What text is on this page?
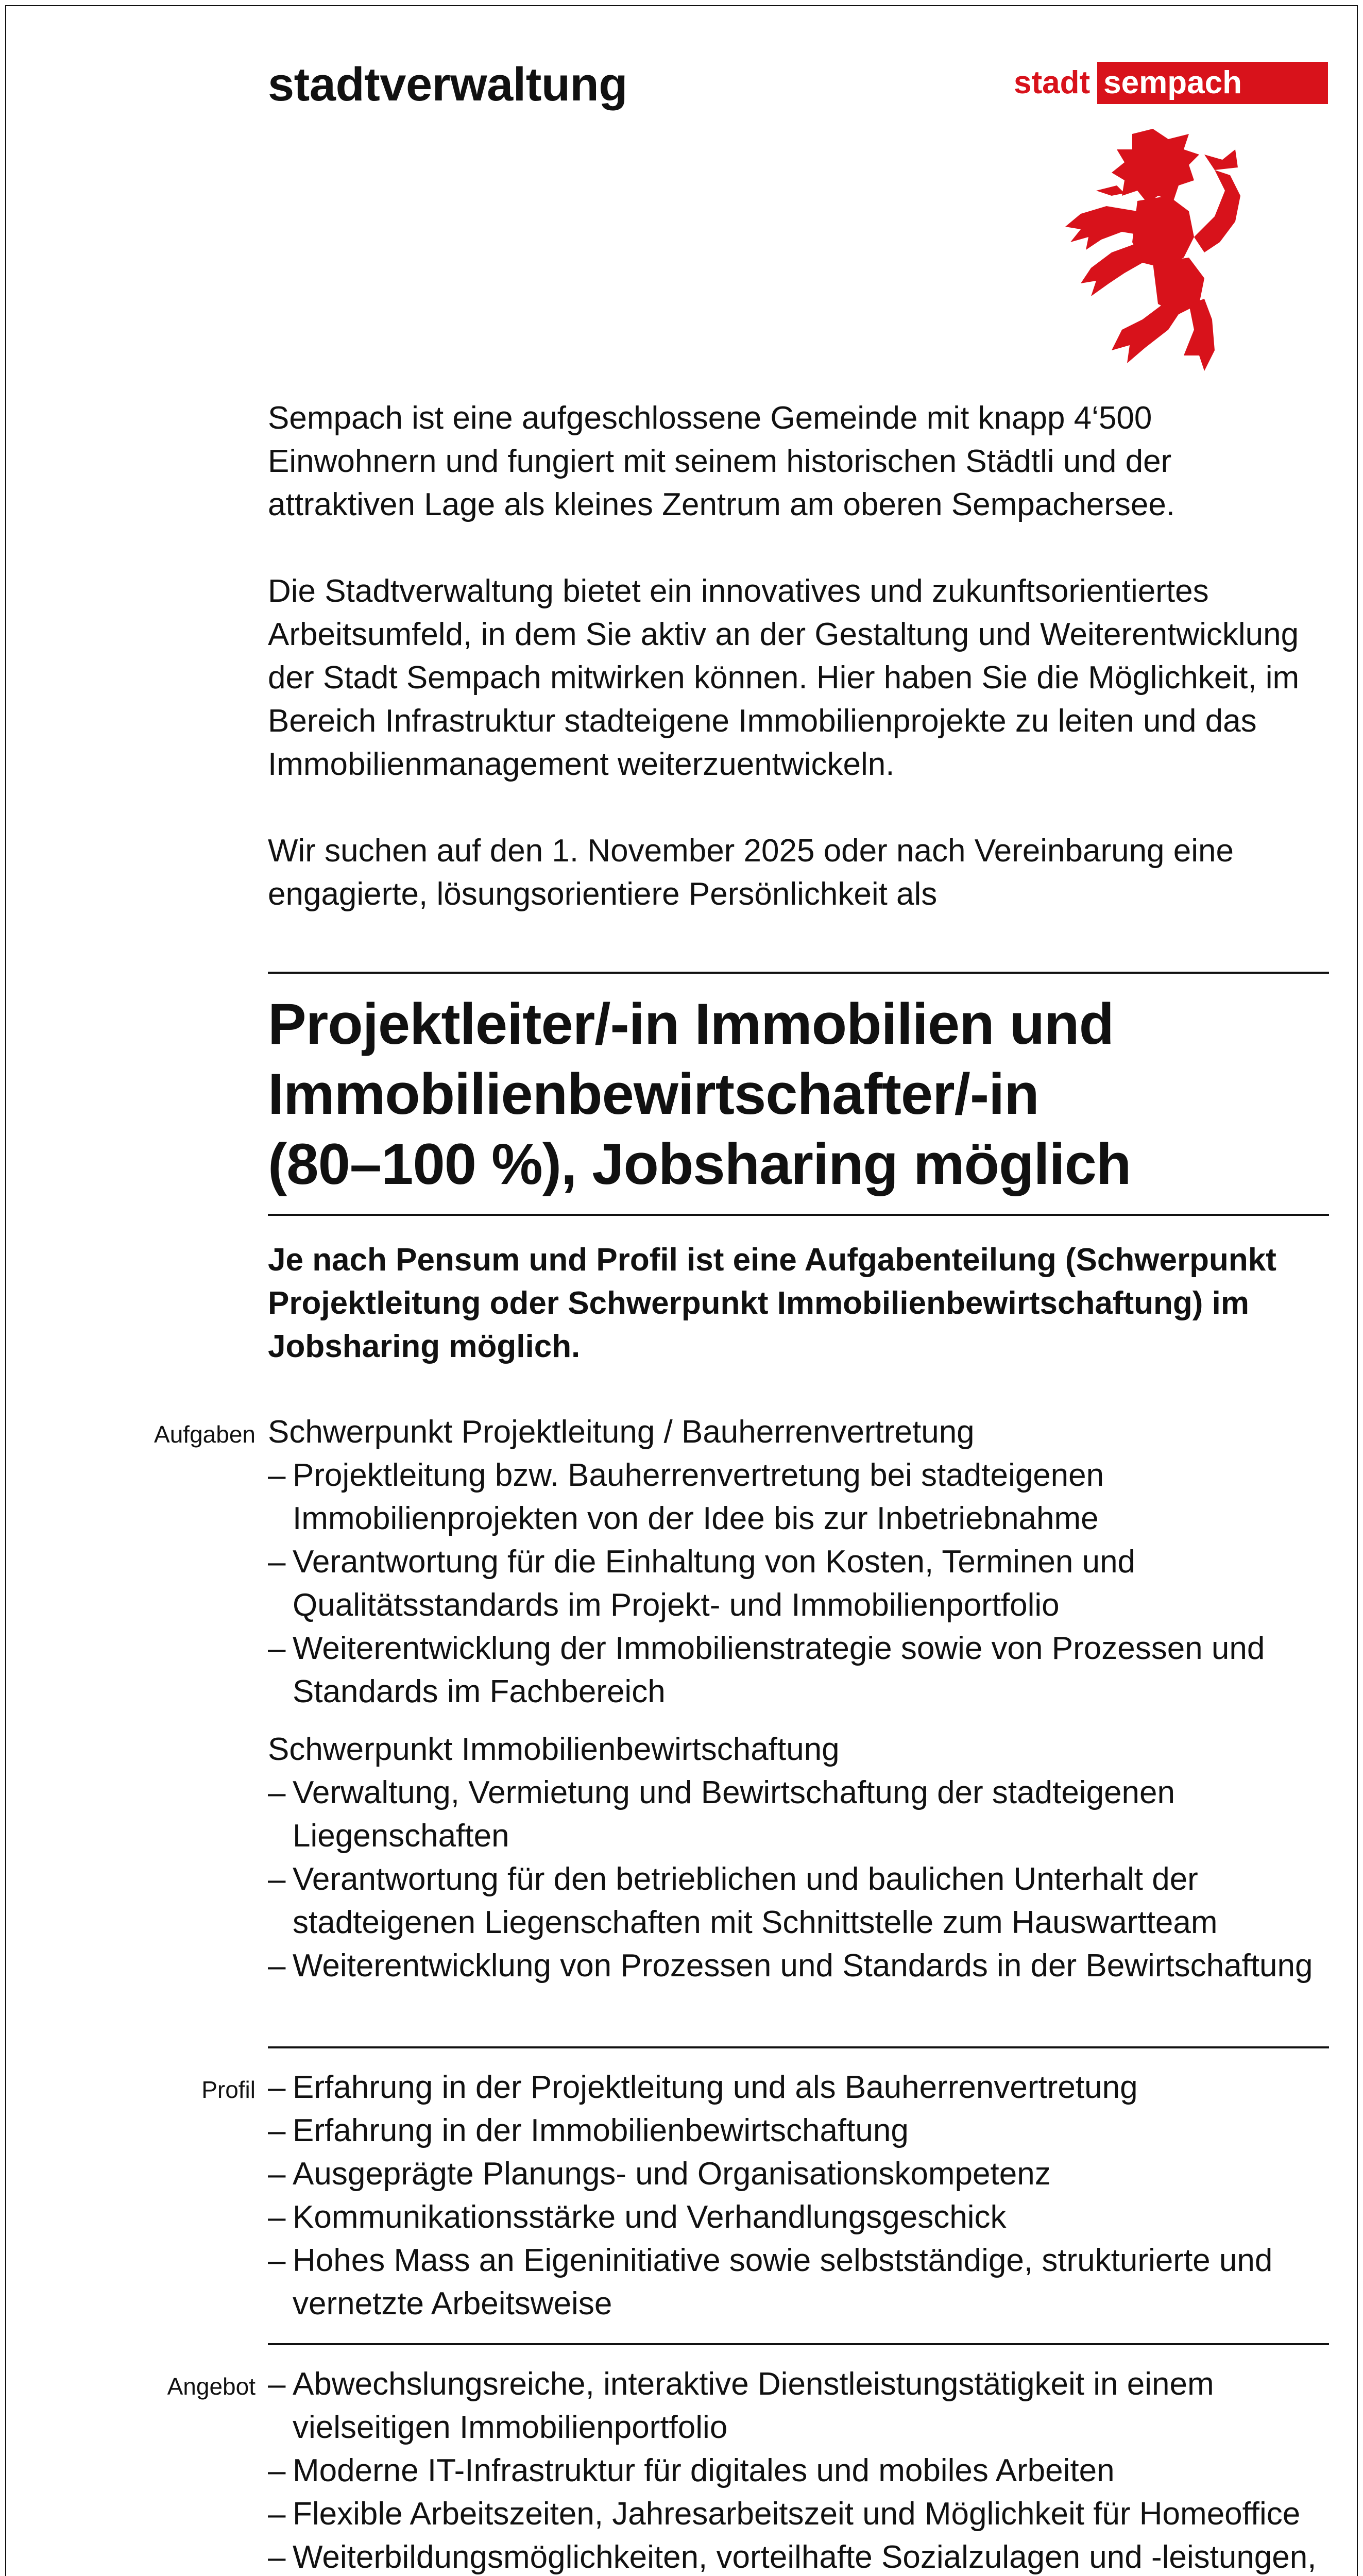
stadtverwaltung	stadt sempach

Sempach ist eine aufgeschlossene Gemeinde mit knapp 4‘500 Einwohnern und fungiert mit seinem historischen Städtli und der attraktiven Lage als kleines Zentrum am oberen Sempachersee.

Die Stadtverwaltung bietet ein innovatives und zukunftsorientiertes Arbeitsumfeld, in dem Sie aktiv an der Gestaltung und Weiterentwicklung der Stadt Sempach mitwirken können. Hier haben Sie die Möglichkeit, im Bereich Infrastruktur stadteigene Immobilienprojekte zu leiten und das Immobilienmanagement weiterzuentwickeln.

Wir suchen auf den 1. November 2025 oder nach Vereinbarung eine engagierte, lösungsorientiere Persönlichkeit als

Projektleiter/-in Immobilien und
Immobilienbewirtschafter/-in
(80–100 %), Jobsharing möglich
Je nach Pensum und Profil ist eine Aufgabenteilung (Schwerpunkt Projektleitung oder Schwerpunkt Immobilienbewirtschaftung) im Jobsharing möglich.
Aufgaben Schwerpunkt Projektleitung / Bauherrenvertretung

– Projektleitung bzw. Bauherrenvertretung bei stadteigenen Immobilienprojekten von der Idee bis zur Inbetriebnahme
– Verantwortung für die Einhaltung von Kosten, Terminen und Qualitätsstandards im Projekt- und Immobilienportfolio
– Weiterentwicklung der Immobilienstrategie sowie von Prozessen und Standards im Fachbereich

Schwerpunkt Immobilienbewirtschaftung

– Verwaltung, Vermietung und Bewirtschaftung der stadteigenen Liegenschaften
– Verantwortung für den betrieblichen und baulichen Unterhalt der stadteigenen Liegenschaften mit Schnittstelle zum Hauswartteam
– Weiterentwicklung von Prozessen und Standards in der Bewirtschaftung
Profil	– Erfahrung in der Projektleitung und als Bauherrenvertretung
– Erfahrung in der Immobilienbewirtschaftung
– Ausgeprägte Planungs- und Organisationskompetenz
– Kommunikationsstärke und Verhandlungsgeschick
– Hohes Mass an Eigeninitiative sowie selbstständige, strukturierte und vernetzte Arbeitsweise
Angebot	– Abwechslungsreiche, interaktive Dienstleistungstätigkeit in einem vielseitigen Immobilienportfolio
– Moderne IT-Infrastruktur für digitales und mobiles Arbeiten
– Flexible Arbeitszeiten, Jahresarbeitszeit und Möglichkeit für Homeoffice
– Weiterbildungsmöglichkeiten, vorteilhafte Sozialzulagen und -leistungen,
